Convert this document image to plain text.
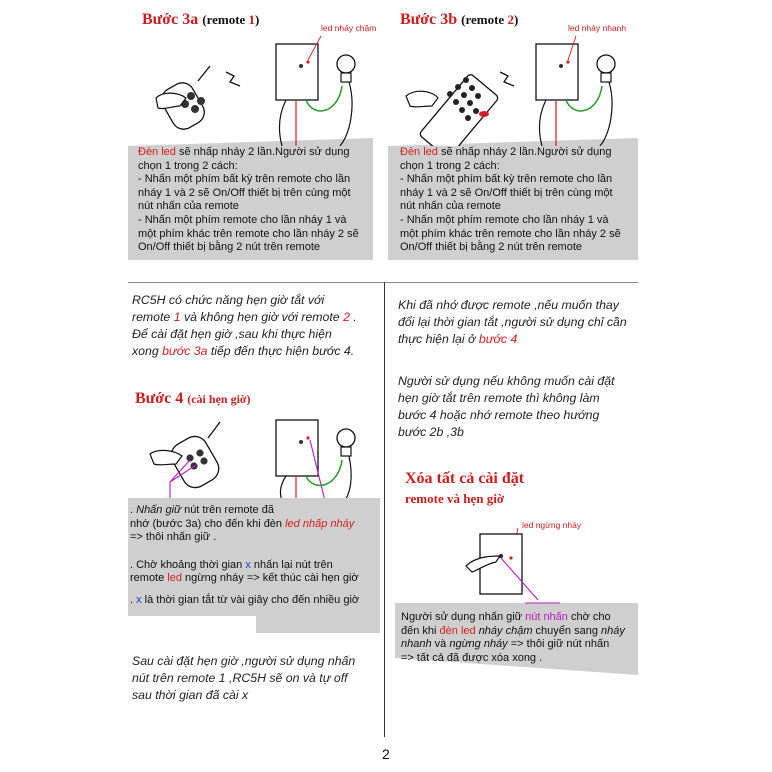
Bước 3a (remote 1)
led nháy chậm

Đèn led sẽ nhấp nháy 2 lần.Người sử dụng

chọn 1 trong 2 cách:

- Nhấn một phím bất kỳ trên remote cho lần

nháy 1 và 2 sẽ On/Off thiết bị trên cùng một

nút nhấn của remote

- Nhấn một phím remote cho lần nháy 1 và

một phím khác trên remote cho lần nháy 2 sẽ

On/Off thiết bị bằng 2 nút trên remote

Bước 3b (remote 2)
led nháy nhanh

Đèn led sẽ nhấp nháy 2 lần.Người sử dụng

chọn 1 trong 2 cách:

- Nhấn một phím bất kỳ trên remote cho lần

nháy 1 và 2 sẽ On/Off thiết bị trên cùng một

nút nhấn của remote

- Nhấn một phím remote cho lần nháy 1 và

một phím khác trên remote cho lần nháy 2 sẽ

On/Off thiết bị bằng 2 nút trên remote

RC5H có chức năng hẹn giờ tắt với
remote 1 và không hẹn giờ với remote 2 .
Để cài đặt hẹn giờ ,sau khi thực hiện
xong bước 3a tiếp đến thực hiện bước 4.
Khi đã nhớ được remote ,nếu muốn thay
đổi lại thời gian tắt ,người sử dụng chỉ cần
thực hiện lại ở bước 4
Người sử dụng nếu không muốn cài đặt
hẹn giờ tắt trên remote thì không làm
bước 4 hoặc nhớ remote theo hướng
bước 2b ,3b
Bước 4 (cài hẹn giờ)

. Nhấn giữ nút trên remote đã

nhớ (bước 3a) cho đến khi đèn led nhấp nháy

=> thôi nhấn giữ .

. Chờ khoảng thời gian x nhấn lại nút trên

remote led ngừng nháy => kết thúc cài hẹn giờ

. x là thời gian tắt từ vài giây cho đến nhiều giờ

Sau cài đặt hẹn giờ ,người sử dụng nhấn
nút trên remote 1 ,RC5H sẽ on và tự off
sau thời gian đã cài x
Xóa tất cả cài đặt
remote và hẹn giờ
led ngừng nháy

Người sử dụng nhấn giữ nút nhấn chờ cho

đến khi đèn led nháy chậm chuyển sang nháy

nhanh và ngừng nháy => thôi giữ nút nhấn

=> tất cả đã được xóa xong .

2
